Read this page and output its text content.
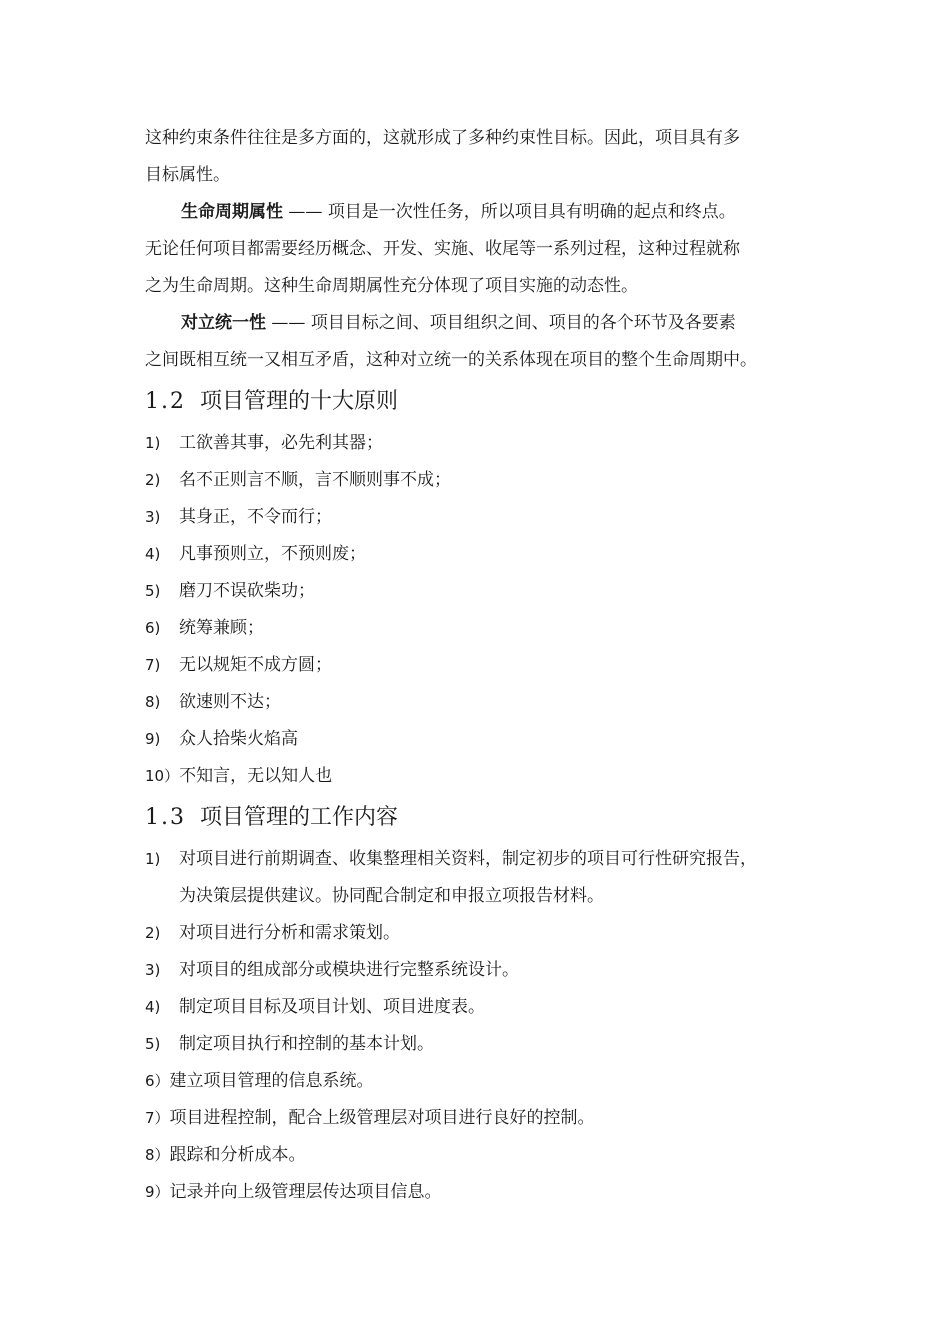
这种约束条件往往是多方面的，这就形成了多种约束性目标。因此，项目具有多

目标属性。

生命周期属性 —— 项目是一次性任务，所以项目具有明确的起点和终点。

无论任何项目都需要经历概念、开发、实施、收尾等一系列过程，这种过程就称

之为生命周期。这种生命周期属性充分体现了项目实施的动态性。

对立统一性 —— 项目目标之间、项目组织之间、项目的各个环节及各要素

之间既相互统一又相互矛盾，这种对立统一的关系体现在项目的整个生命周期中。

1.2 项目管理的十大原则
1) 工欲善其事，必先利其器；
2) 名不正则言不顺，言不顺则事不成；
3) 其身正，不令而行；
4) 凡事预则立，不预则废；
5) 磨刀不误砍柴功；
6) 统筹兼顾；
7) 无以规矩不成方圆；
8) 欲速则不达；
9) 众人拾柴火焰高
10）不知言，无以知人也
1.3 项目管理的工作内容
1) 对项目进行前期调查、收集整理相关资料，制定初步的项目可行性研究报告，
为决策层提供建议。协同配合制定和申报立项报告材料。
2) 对项目进行分析和需求策划。
3) 对项目的组成部分或模块进行完整系统设计。
4) 制定项目目标及项目计划、项目进度表。
5) 制定项目执行和控制的基本计划。
6）建立项目管理的信息系统。
7）项目进程控制，配合上级管理层对项目进行良好的控制。
8）跟踪和分析成本。
9）记录并向上级管理层传达项目信息。
